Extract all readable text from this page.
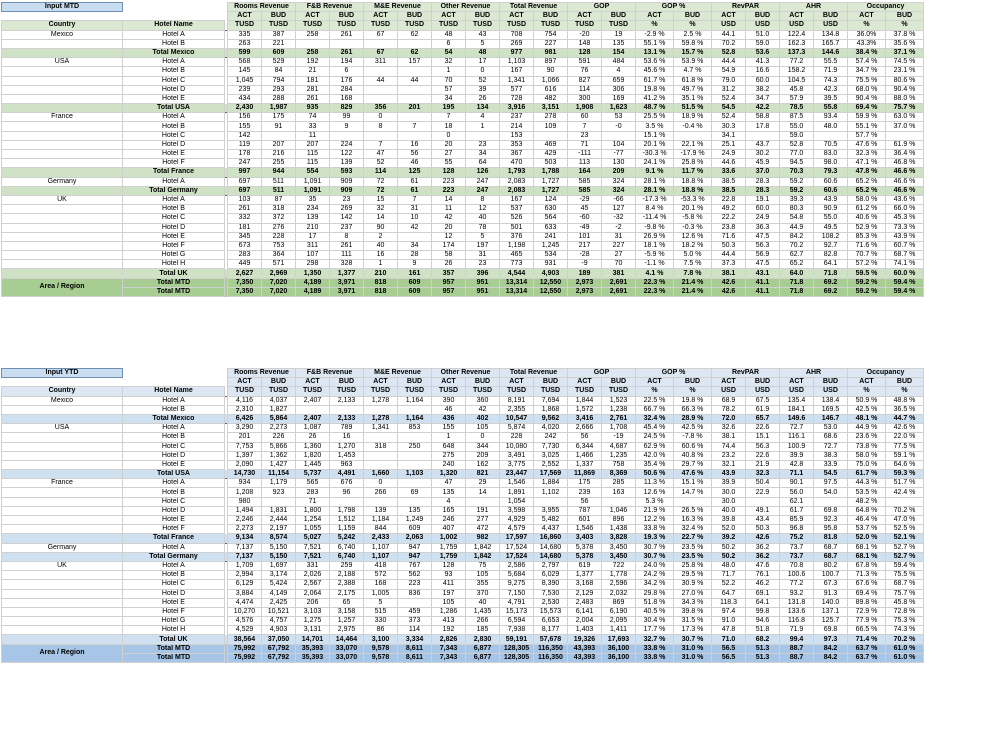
Input MTD			Rooms Revenue		F&B Revenue		M&E Revenue		Other Revenue		Total Revenue		GOP		GOP %		RevPAR		AHR		Occupancy	
			ACT	BUD	ACT	BUD	ACT	BUD	ACT	BUD	ACT	BUD	ACT	BUD	ACT	BUD	ACT	BUD	ACT	BUD	ACT	BUD
Country	Hotel Name		TUSD	TUSD	TUSD	TUSD	TUSD	TUSD	TUSD	TUSD	TUSD	TUSD	TUSD	TUSD	%	%	USD	USD	USD	USD	%	%
Mexico	Hotel A		335	387	258	261	67	62	48	43	708	754	-20	19	-2.9 %	2.5 %	44.1	51.0	122.4	134.8	36.0%	37.8 %
	Hotel B		263	221					6	5	269	227	148	135	55.1 %	59.8 %	70.2	59.0	162.3	165.7	43.3%	35.6 %
	Total Mexico		599	609	258	261	67	62	54	48	977	981	128	154	13.1 %	15.7 %	52.8	53.6	137.3	144.6	38.4 %	37.1 %
USA	Hotel A		568	529	192	194	311	157	32	17	1,103	897	591	484	53.6 %	53.9 %	44.4	41.3	77.2	55.5	57.4 %	74.5 %
	Hotel B		145	84	21	6			1	0	167	90	76	4	45.6 %	4.7 %	54.9	16.6	158.2	71.9	34.7 %	23.1 %
	Hotel C		1,045	794	181	176	44	44	70	52	1,341	1,066	827	659	61.7 %	61.8 %	79.0	60.0	104.5	74.3	75.5 %	80.6 %
	Hotel D		239	293	281	284			57	39	577	616	114	306	19.8 %	49.7 %	31.2	38.2	45.8	42.3	68.0 %	90.4 %
	Hotel E		434	288	261	168			34	26	728	482	300	169	41.2 %	35.1 %	52.4	34.7	57.9	39.5	90.4 %	88.0 %
	Total USA		2,430	1,987	935	829	356	201	195	134	3,916	3,151	1,908	1,623	48.7 %	51.5 %	54.5	42.2	78.5	55.8	69.4 %	75.7 %
France	Hotel A		156	175	74	99	0		7	4	237	278	60	53	25.5 %	18.9 %	52.4	58.8	87.5	93.4	59.9 %	63.0 %
	Hotel B		155	91	33	9	8	7	18	1	214	109	7	-0	3.5 %	-0.4 %	30.3	17.8	55.0	48.0	55.1 %	37.0 %
	Hotel C		142		11				0		153		23		15.1 %		34.1		59.0		57.7 %	
	Hotel D		119	207	207	224	7	16	20	23	353	469	71	104	20.1 %	22.1 %	25.1	43.7	52.8	70.5	47.6 %	61.9 %
	Hotel E		178	216	115	122	47	56	27	34	367	429	-111	-77	-30.3 %	-17.9 %	24.9	30.2	77.0	83.0	32.3 %	36.4 %
	Hotel F		247	255	115	139	52	46	55	64	470	503	113	130	24.1 %	25.8 %	44.6	45.9	94.5	98.0	47.1 %	46.8 %
	Total France		997	944	554	593	114	125	128	126	1,793	1,788	164	209	9.1 %	11.7 %	33.6	37.0	70.3	79.3	47.8 %	46.6 %
Germany	Hotel A		697	511	1,091	909	72	61	223	247	2,083	1,727	585	324	28.1 %	18.8 %	38.5	28.3	59.2	60.6	65.2 %	46.6 %
	Total Germany		697	511	1,091	909	72	61	223	247	2,083	1,727	585	324	28.1 %	18.8 %	38.5	28.3	59.2	60.6	65.2 %	46.6 %
UK	Hotel A		103	87	35	23	15	7	14	8	167	124	-29	-66	-17.3 %	-53.3 %	22.8	19.1	39.3	43.9	58.0 %	43.6 %
	Hotel B		261	318	234	269	32	31	11	12	537	630	45	127	8.4 %	20.1 %	49.2	60.0	80.3	90.9	61.2 %	66.0 %
	Hotel C		332	372	139	142	14	10	42	40	526	564	-60	-32	-11.4 %	-5.8 %	22.2	24.9	54.8	55.0	40.6 %	45.3 %
	Hotel D		181	276	210	237	90	42	20	78	501	633	-49	-2	-9.8 %	-0.3 %	23.8	36.3	44.9	49.5	52.9 %	73.3 %
	Hotel E		345	228	17	8	2		12	5	376	241	101	31	26.9 %	12.6 %	71.6	47.5	84.2	108.2	85.3 %	43.9 %
	Hotel F		673	753	311	261	40	34	174	197	1,198	1,245	217	227	18.1 %	18.2 %	50.3	56.3	70.2	92.7	71.6 %	60.7 %
	Hotel G		283	364	107	111	16	28	58	31	465	534	-28	27	-5.9 %	5.0 %	44.4	56.9	62.7	82.8	70.7 %	68.7 %
	Hotel H		449	571	298	328	1	9	26	23	773	931	-9	70	-1.1 %	7.5 %	37.3	47.5	65.2	64.1	57.2 %	74.1 %
	Total UK		2,627	2,969	1,350	1,377	210	161	357	396	4,544	4,903	189	381	4.1 %	7.8 %	38.1	43.1	64.0	71.8	59.5 %	60.0 %
Area / Region	Total MTD		7,350	7,020	4,189	3,971	818	609	957	951	13,314	12,550	2,973	2,691	22.3 %	21.4 %	42.6	41.1	71.8	69.2	59.2 %	59.4 %
	Total MTD		7,350	7,020	4,189	3,971	818	609	957	951	13,314	12,550	2,973	2,691	22.3 %	21.4 %	42.6	41.1	71.8	69.2	59.2 %	59.4 %
Input YTD			Rooms Revenue		F&B Revenue		M&E Revenue		Other Revenue		Total Revenue		GOP		GOP %		RevPAR		AHR		Occupancy	
			ACT	BUD	ACT	BUD	ACT	BUD	ACT	BUD	ACT	BUD	ACT	BUD	ACT	BUD	ACT	BUD	ACT	BUD	ACT	BUD
Country	Hotel Name		TUSD	TUSD	TUSD	TUSD	TUSD	TUSD	TUSD	TUSD	TUSD	TUSD	TUSD	TUSD	%	%	USD	USD	USD	USD	%	%
Mexico	Hotel A		4,116	4,037	2,407	2,133	1,278	1,164	390	360	8,191	7,694	1,844	1,523	22.5 %	19.8 %	68.9	67.5	135.4	138.4	50.9 %	48.8 %
	Hotel B		2,310	1,827					46	42	2,355	1,868	1,572	1,238	66.7 %	66.3 %	78.2	61.9	184.1	169.5	42.5 %	36.5 %
	Total Mexico		6,426	5,864	2,407	2,133	1,278	1,164	436	402	10,547	9,562	3,416	2,761	32.4 %	28.9 %	72.0	65.7	149.6	146.7	48.1 %	44.7 %
USA	Hotel A		3,290	2,273	1,087	789	1,341	853	155	105	5,874	4,020	2,666	1,708	45.4 %	42.5 %	32.6	22.6	72.7	53.0	44.9 %	42.6 %
	Hotel B		201	226	26	16			1	0	228	242	56	-19	24.5 %	-7.8 %	38.1	15.1	116.1	68.6	23.6 %	22.0 %
	Hotel C		7,753	5,866	1,360	1,270	318	250	648	344	10,080	7,730	6,344	4,687	62.9 %	60.6 %	74.4	56.3	100.9	72.7	73.8 %	77.5 %
	Hotel D		1,397	1,362	1,820	1,453			275	209	3,491	3,025	1,466	1,235	42.0 %	40.8 %	23.2	22.6	39.9	38.3	58.0 %	59.1 %
	Hotel E		2,090	1,427	1,445	963			240	162	3,775	2,552	1,337	758	35.4 %	29.7 %	32.1	21.9	42.8	33.9	75.0 %	64.6 %
	Total USA		14,730	11,154	5,737	4,491	1,660	1,103	1,320	821	23,447	17,569	11,869	8,369	50.6 %	47.6 %	43.9	32.3	71.1	54.5	61.7 %	59.3 %
France	Hotel A		934	1,179	565	676	0		47	29	1,546	1,884	175	285	11.3 %	15.1 %	39.9	50.4	90.1	97.5	44.3 %	51.7 %
	Hotel B		1,208	923	283	96	266	69	135	14	1,891	1,102	239	163	12.6 %	14.7 %	30.0	22.9	56.0	54.0	53.5 %	42.4 %
	Hotel C		980		71				4		1,054		56		5.3 %		30.0		62.1		48.2 %	
	Hotel D		1,494	1,831	1,800	1,798	139	135	165	191	3,598	3,955	787	1,046	21.9 %	26.5 %	40.0	49.1	61.7	69.8	64.8 %	70.2 %
	Hotel E		2,246	2,444	1,254	1,512	1,184	1,249	246	277	4,929	5,482	601	896	12.2 %	16.3 %	39.8	43.4	85.9	92.3	46.4 %	47.0 %
	Hotel F		2,273	2,197	1,055	1,159	844	609	407	472	4,579	4,437	1,546	1,438	33.8 %	32.4 %	52.0	50.3	96.8	95.8	53.7 %	52.5 %
	Total France		9,134	8,574	5,027	5,242	2,433	2,063	1,002	982	17,597	16,860	3,403	3,828	19.3 %	22.7 %	39.2	42.6	75.2	81.8	52.0 %	52.1 %
Germany	Hotel A		7,137	5,150	7,521	6,740	1,107	947	1,759	1,842	17,524	14,680	5,378	3,450	30.7 %	23.5 %	50.2	36.2	73.7	68.7	68.1 %	52.7 %
	Total Germany		7,137	5,150	7,521	6,740	1,107	947	1,759	1,842	17,524	14,680	5,378	3,450	30.7 %	23.5 %	50.2	36.2	73.7	68.7	68.1 %	52.7 %
UK	Hotel A		1,709	1,697	331	259	418	767	128	75	2,586	2,797	619	722	24.0 %	25.8 %	48.0	47.6	70.8	80.2	67.8 %	59.4 %
	Hotel B		2,994	3,174	2,026	2,188	572	562	93	105	5,684	6,029	1,377	1,778	24.2 %	29.5 %	71.7	76.1	100.6	100.7	71.3 %	75.5 %
	Hotel C		6,129	5,424	2,567	2,388	168	223	411	355	9,275	8,390	3,168	2,596	34.2 %	30.9 %	52.2	46.2	77.2	67.3	67.6 %	68.7 %
	Hotel D		3,884	4,149	2,064	2,175	1,005	836	197	370	7,150	7,530	2,129	2,032	29.8 %	27.0 %	64.7	69.1	93.2	91.3	69.4 %	75.7 %
	Hotel E		4,474	2,425	206	65	5		105	40	4,791	2,530	2,483	869	51.8 %	34.3 %	118.3	64.1	131.8	140.0	89.8 %	45.8 %
	Hotel F		10,270	10,521	3,103	3,158	515	459	1,286	1,435	15,173	15,573	6,141	6,190	40.5 %	39.8 %	97.4	99.8	133.6	137.1	72.9 %	72.8 %
	Hotel G		4,576	4,757	1,275	1,257	330	373	413	266	6,594	6,653	2,004	2,095	30.4 %	31.5 %	91.0	94.6	116.8	125.7	77.9 %	75.3 %
	Hotel H		4,529	4,903	3,131	2,975	86	114	192	185	7,938	8,177	1,403	1,411	17.7 %	17.3 %	47.8	51.8	71.9	69.8	66.5 %	74.3 %
	Total UK		38,564	37,050	14,701	14,464	3,100	3,334	2,826	2,830	59,191	57,678	19,326	17,693	32.7 %	30.7 %	71.0	68.2	99.4	97.3	71.4 %	70.2 %
Area / Region	Total MTD		75,992	67,792	35,393	33,070	9,578	8,611	7,343	6,877	128,305	116,350	43,393	36,100	33.8 %	31.0 %	56.5	51.3	88.7	84.2	63.7 %	61.0 %
	Total MTD		75,992	67,792	35,393	33,070	9,578	8,611	7,343	6,877	128,305	116,350	43,393	36,100	33.8 %	31.0 %	56.5	51.3	88.7	84.2	63.7 %	61.0 %
